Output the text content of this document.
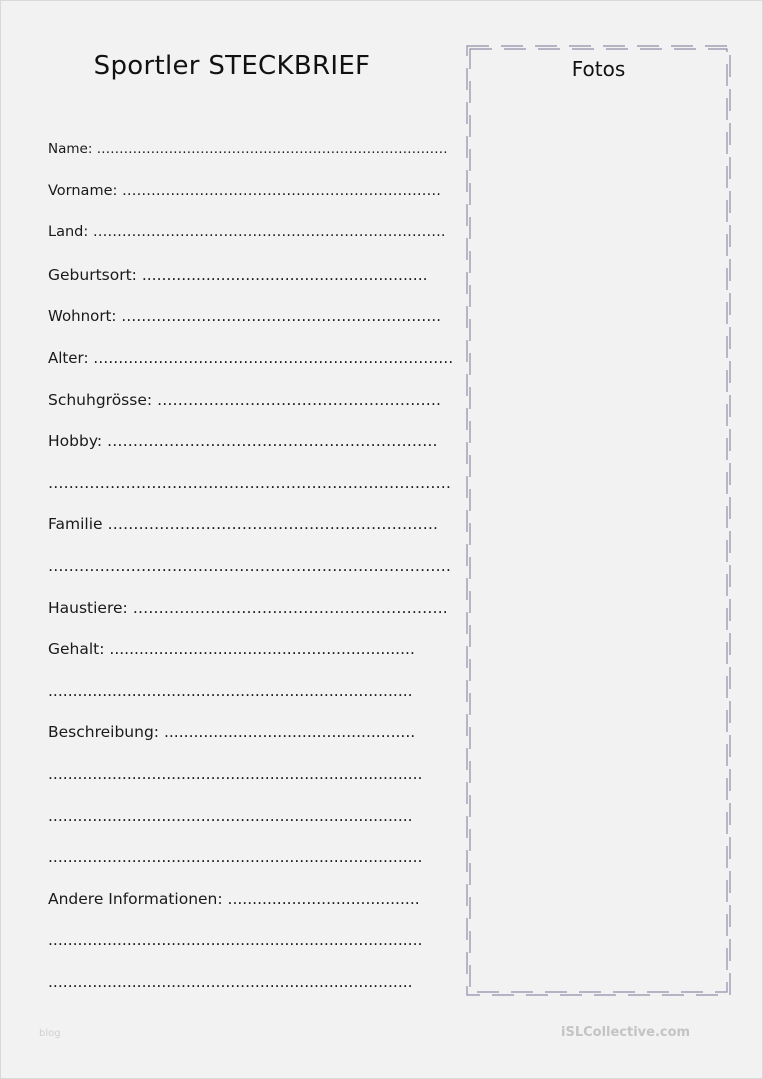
Sportler STECKBRIEF
Name: ……………………………………………………………………
Vorname: …………………………………………………………
Land: ……………………………………………………………….
Geburtsort: ..........................................................
Wohnort: ……………………………………………………….
Alter: ………………………………………………………………
Schuhgrösse: ……………………………………………….
Hobby: ……………………………………………………….
……………………………………………………………………
Familie ……………………………………………………….
……………………………………………………………………
Haustiere: …………………………………………………….
Gehalt: ..............................................................
..........................................................................
Beschreibung: ...................................................
............................................................................
..........................................................................
............................................................................
Andere Informationen: .......................................
............................................................................
..........................................................................
Fotos
blog	iSLCollective.com
